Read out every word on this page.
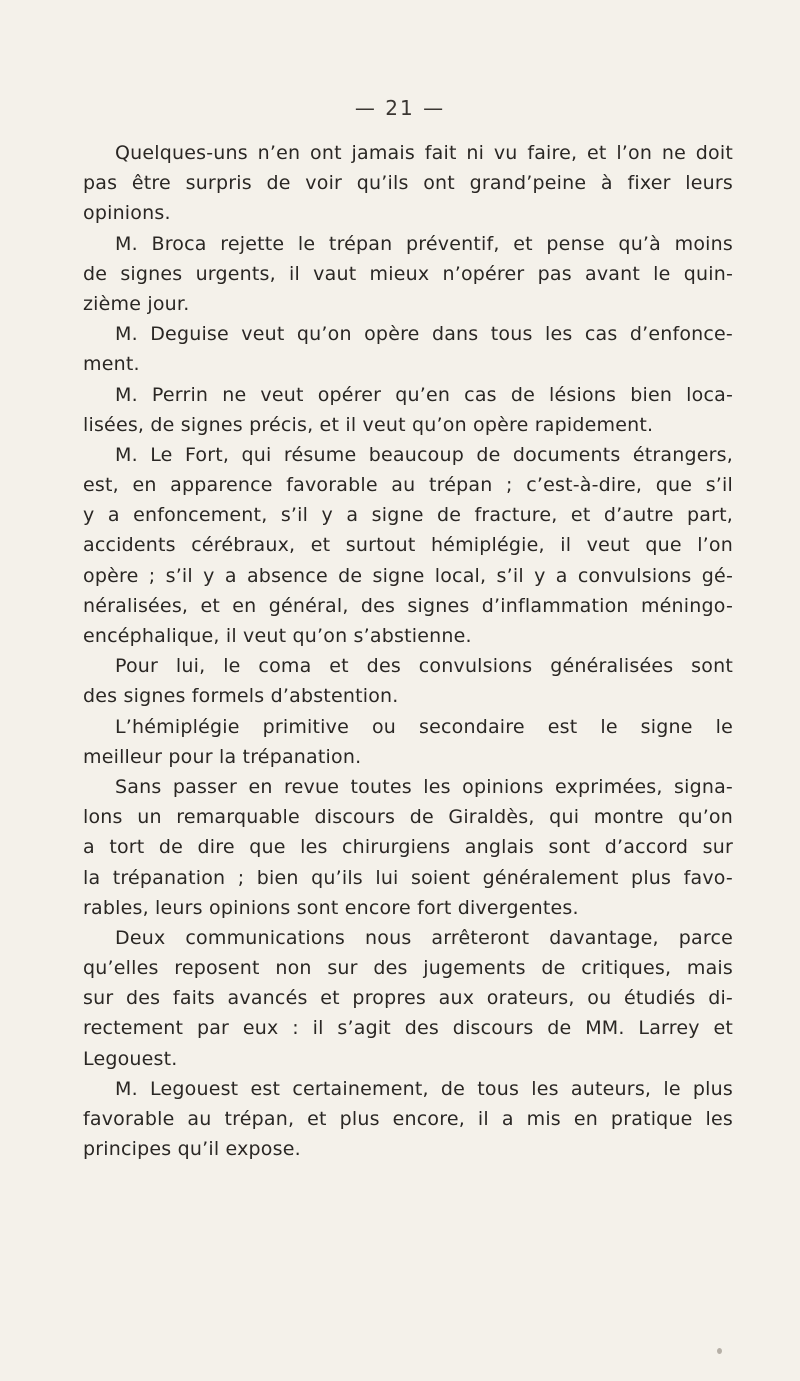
— 21 —
Quelques-uns n’en ont jamais fait ni vu faire, et l’on ne doit
pas être surpris de voir qu’ils ont grand’peine à fixer leurs
opinions.
M. Broca rejette le trépan préventif, et pense qu’à moins
de signes urgents, il vaut mieux n’opérer pas avant le quin-
zième jour.
M. Deguise veut qu’on opère dans tous les cas d’enfonce-
ment.
M. Perrin ne veut opérer qu’en cas de lésions bien loca-
lisées, de signes précis, et il veut qu’on opère rapidement.
M. Le Fort, qui résume beaucoup de documents étrangers,
est, en apparence favorable au trépan ; c’est-à-dire, que s’il
y a enfoncement, s’il y a signe de fracture, et d’autre part,
accidents cérébraux, et surtout hémiplégie, il veut que l’on
opère ; s’il y a absence de signe local, s’il y a convulsions gé-
néralisées, et en général, des signes d’inflammation méningo-
encéphalique, il veut qu’on s’abstienne.
Pour lui, le coma et des convulsions généralisées sont
des signes formels d’abstention.
L’hémiplégie primitive ou secondaire est le signe le
meilleur pour la trépanation.
Sans passer en revue toutes les opinions exprimées, signa-
lons un remarquable discours de Giraldès, qui montre qu’on
a tort de dire que les chirurgiens anglais sont d’accord sur
la trépanation ; bien qu’ils lui soient généralement plus favo-
rables, leurs opinions sont encore fort divergentes.
Deux communications nous arrêteront davantage, parce
qu’elles reposent non sur des jugements de critiques, mais
sur des faits avancés et propres aux orateurs, ou étudiés di-
rectement par eux : il s’agit des discours de MM. Larrey et
Legouest.
M. Legouest est certainement, de tous les auteurs, le plus
favorable au trépan, et plus encore, il a mis en pratique les
principes qu’il expose.
